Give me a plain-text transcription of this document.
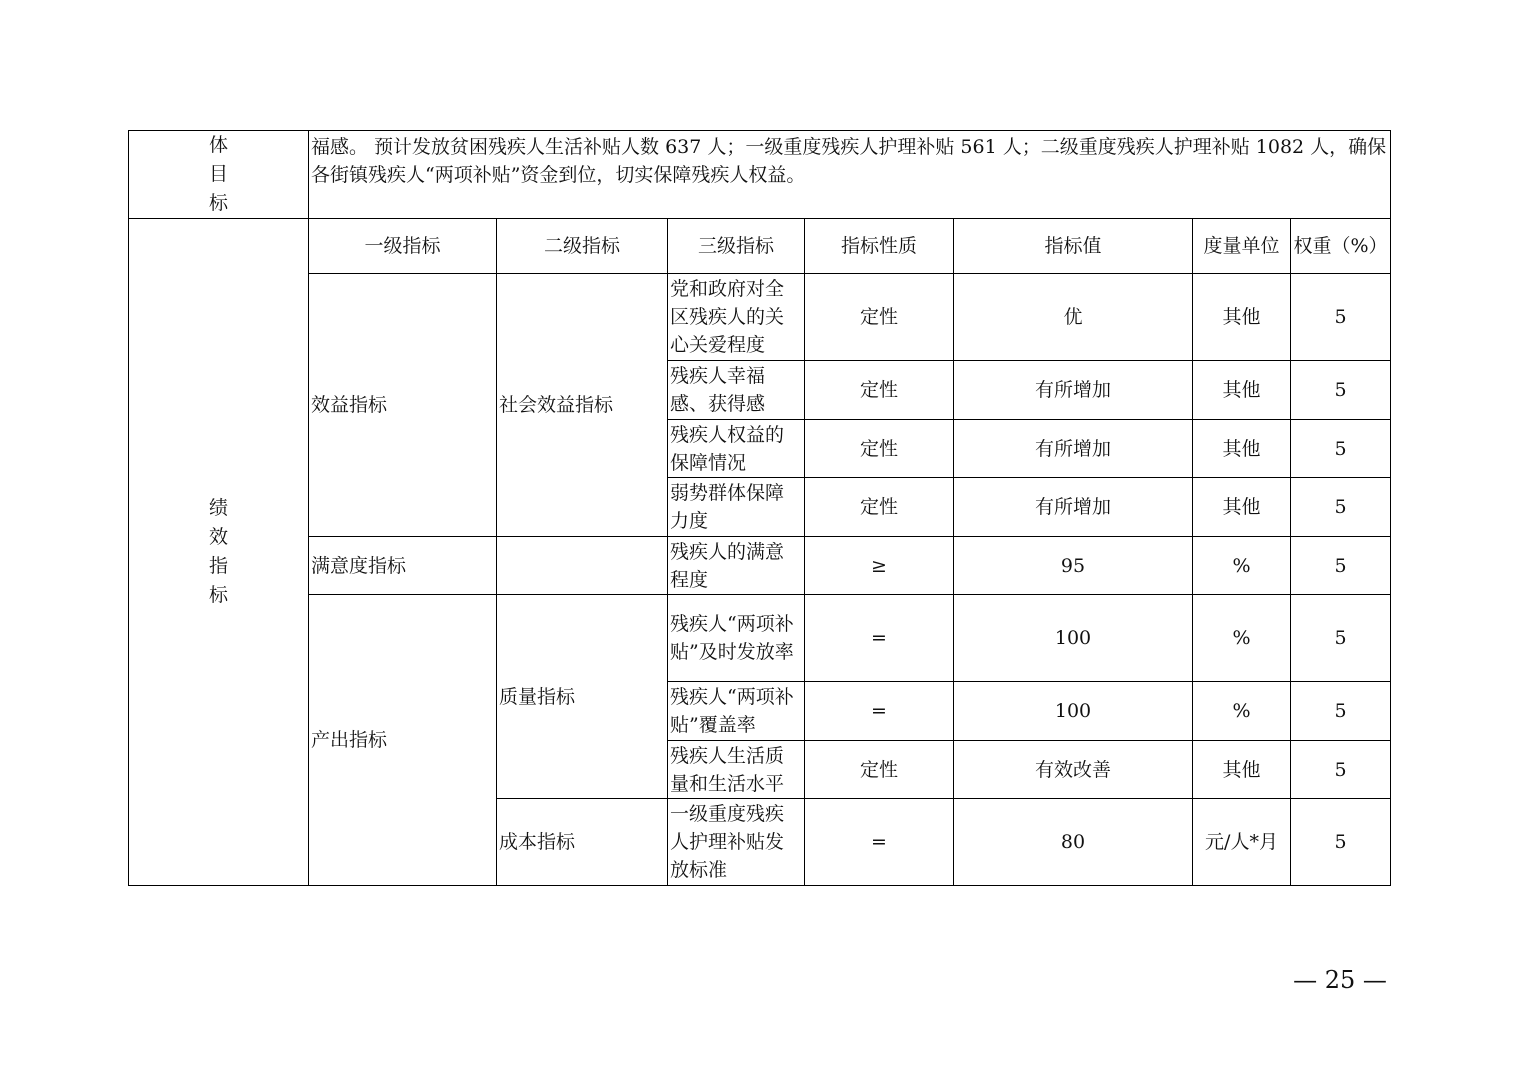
体
目
标	福感。 预计发放贫困残疾人生活补贴人数 637 人；一级重度残疾人护理补贴 561 人；二级重度残疾人护理补贴 1082 人，确保各街镇残疾人“两项补贴”资金到位，切实保障残疾人权益。						

绩
效
指
标	一级指标	二级指标	三级指标	指标性质	指标值	度量单位	权重（%）
	效益指标	社会效益指标	党和政府对全区残疾人的关心关爱程度	定性	优	其他	5
			残疾人幸福感、获得感	定性	有所增加	其他	5
			残疾人权益的保障情况	定性	有所增加	其他	5
			弱势群体保障力度	定性	有所增加	其他	5
	满意度指标		残疾人的满意程度	≥	95	%	5
	产出指标	质量指标	残疾人“两项补贴”及时发放率	=	100	%	5
			残疾人“两项补贴”覆盖率	=	100	%	5
			残疾人生活质量和生活水平	定性	有效改善	其他	5
		成本指标	一级重度残疾人护理补贴发放标准	=	80	元/人*月	5
— 25 —
